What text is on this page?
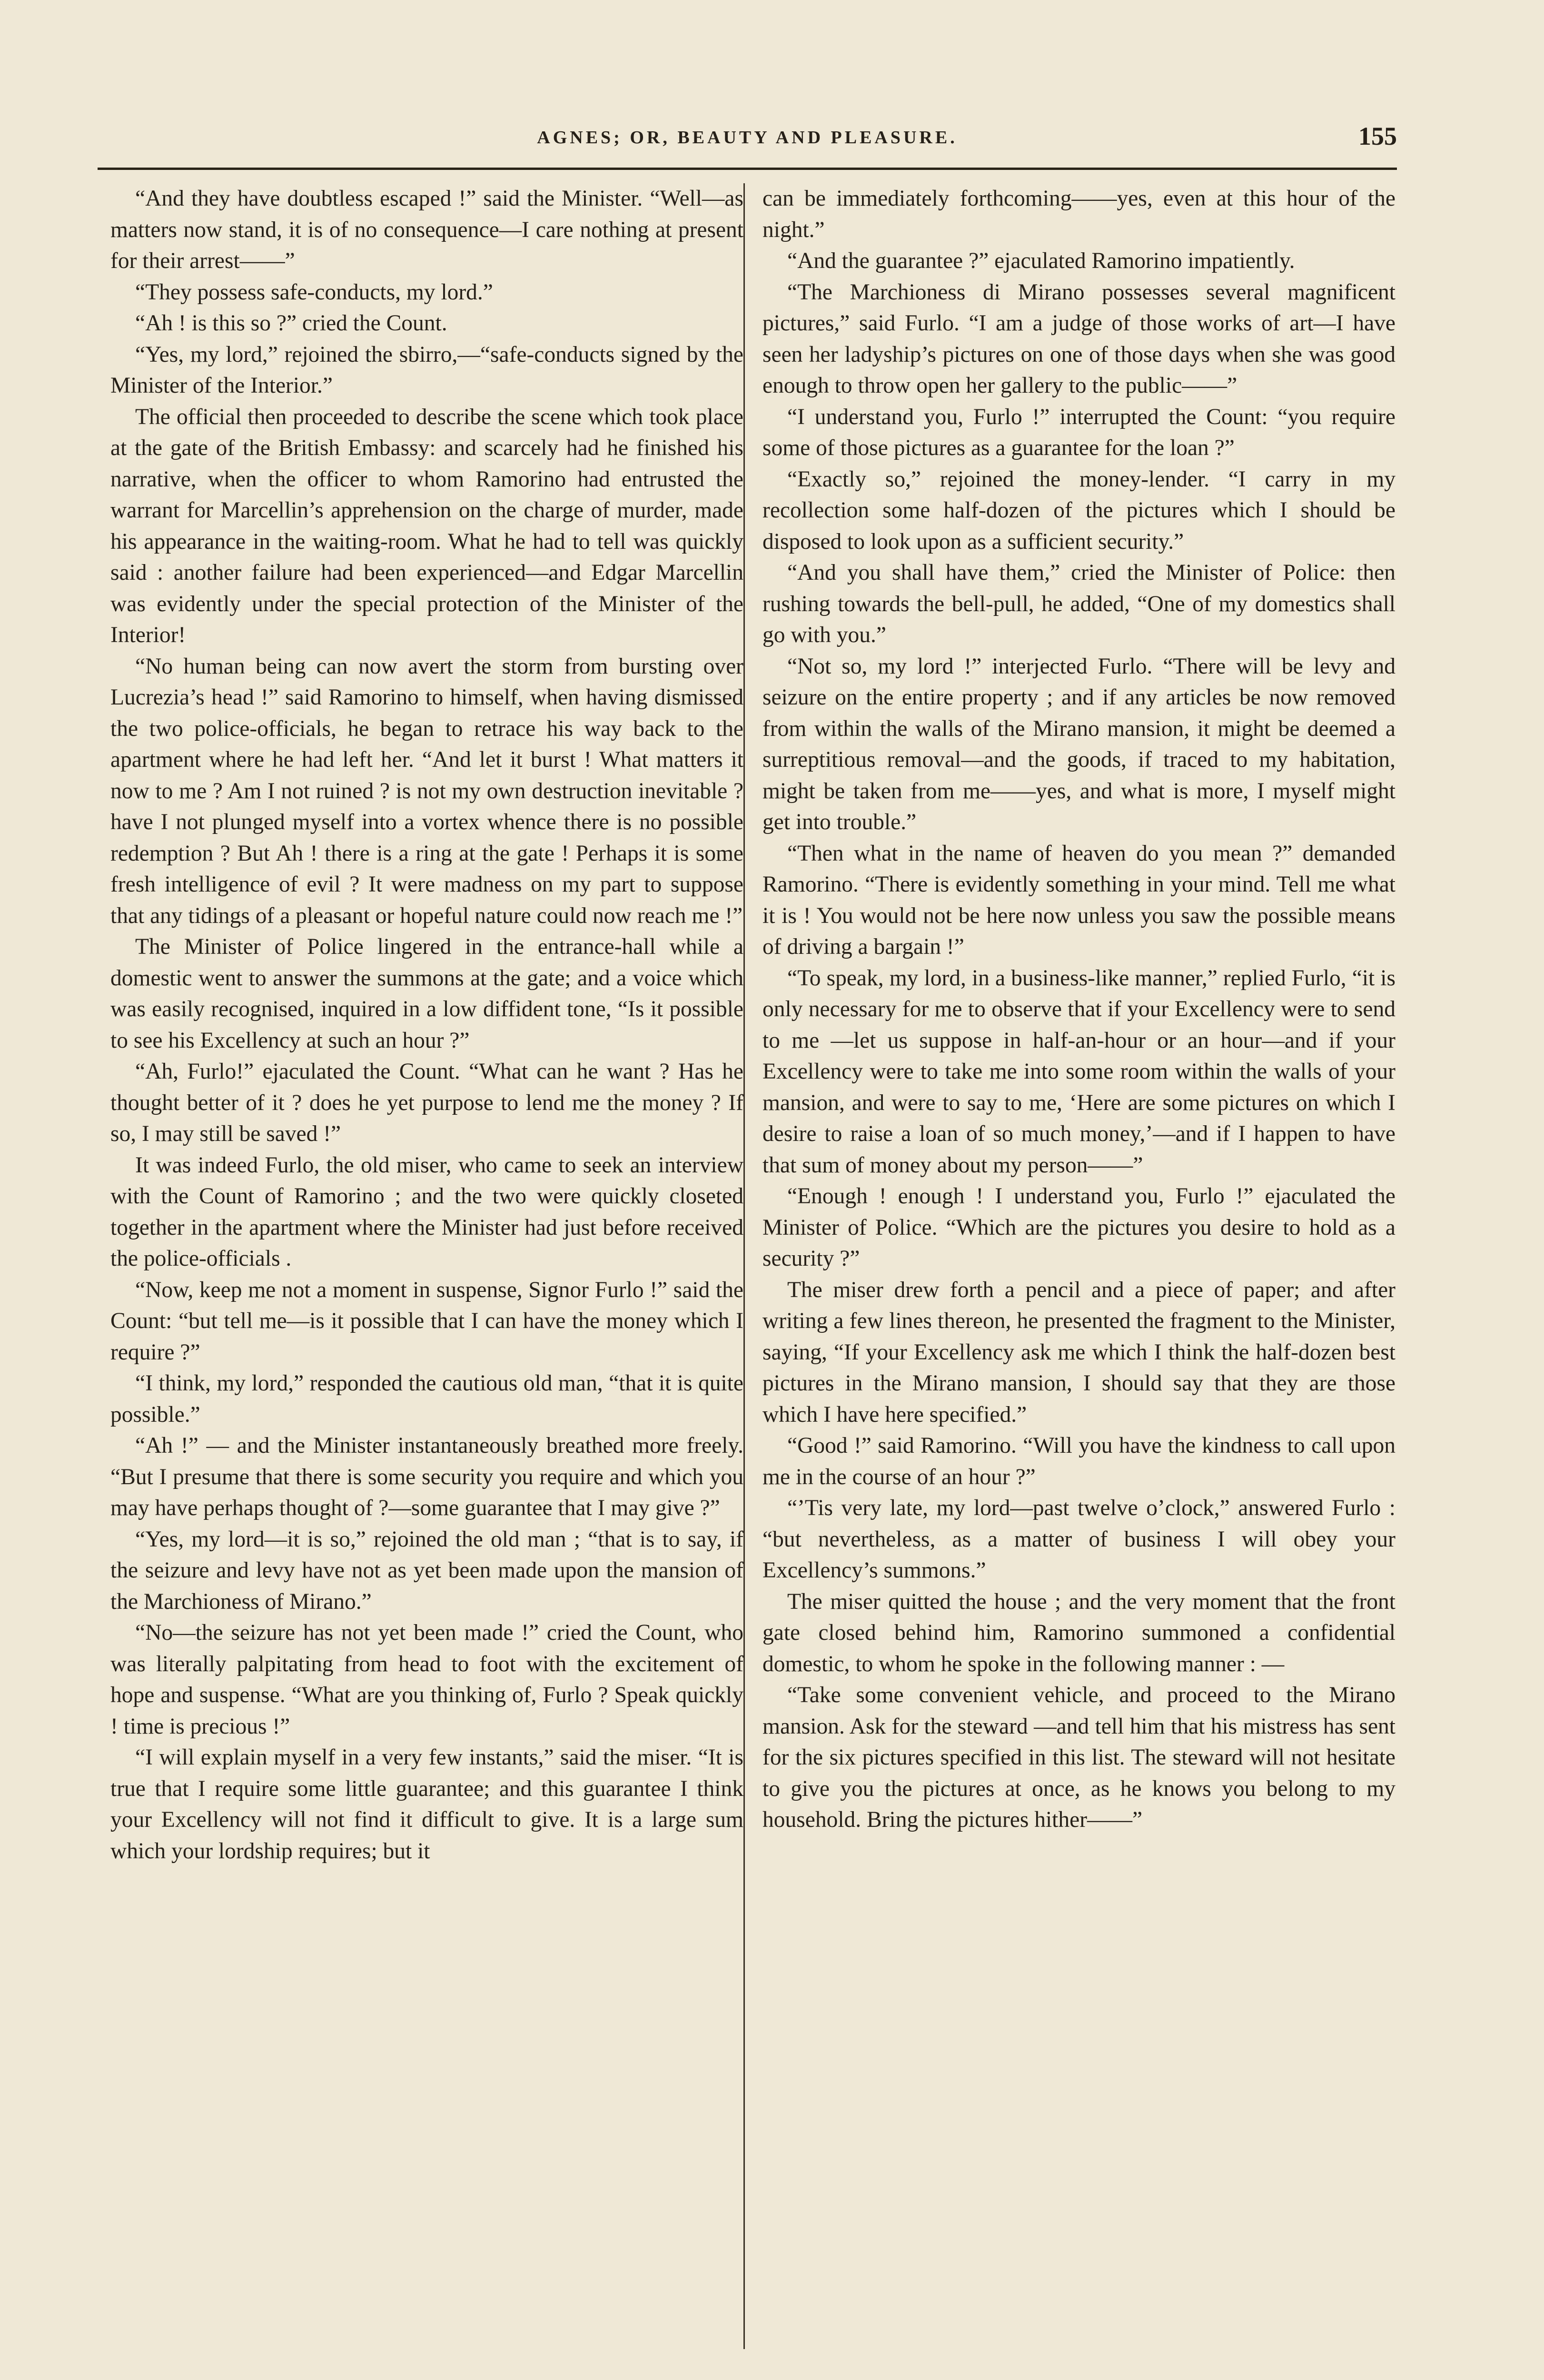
AGNES; OR, BEAUTY AND PLEASURE.	155

“And they have doubtless escaped !” said the Minister. “Well—as matters now stand, it is of no consequence—I care nothing at present for their arrest——”

“They possess safe-conducts, my lord.”

“Ah ! is this so ?” cried the Count.

“Yes, my lord,” rejoined the sbirro,—“safe-conducts signed by the Minister of the Interior.”

The official then proceeded to describe the scene which took place at the gate of the British Embassy: and scarcely had he finished his narrative, when the officer to whom Ramorino had entrusted the warrant for Marcellin’s apprehension on the charge of murder, made his appearance in the waiting-room. What he had to tell was quickly said : another failure had been experienced—and Edgar Marcellin was evidently under the special protection of the Minister of the Interior!

“No human being can now avert the storm from bursting over Lucrezia’s head !” said Ramorino to himself, when having dismissed the two police-officials, he began to retrace his way back to the apartment where he had left her. “And let it burst ! What matters it now to me ? Am I not ruined ? is not my own destruction inevitable ? have I not plunged myself into a vortex whence there is no possible redemption ? But Ah ! there is a ring at the gate ! Perhaps it is some fresh intelligence of evil ? It were madness on my part to suppose that any tidings of a pleasant or hopeful nature could now reach me !”

The Minister of Police lingered in the entrance-hall while a domestic went to answer the summons at the gate; and a voice which was easily recognised, inquired in a low diffident tone, “Is it possible to see his Excellency at such an hour ?”

“Ah, Furlo!” ejaculated the Count. “What can he want ? Has he thought better of it ? does he yet purpose to lend me the money ? If so, I may still be saved !”

It was indeed Furlo, the old miser, who came to seek an interview with the Count of Ramorino ; and the two were quickly closeted together in the apartment where the Minister had just before received the police-officials .

“Now, keep me not a moment in suspense, Signor Furlo !” said the Count: “but tell me—is it possible that I can have the money which I require ?”

“I think, my lord,” responded the cautious old man, “that it is quite possible.”

“Ah !” — and the Minister instantaneously breathed more freely. “But I presume that there is some security you require and which you may have perhaps thought of ?—some guarantee that I may give ?”

“Yes, my lord—it is so,” rejoined the old man ; “that is to say, if the seizure and levy have not as yet been made upon the mansion of the Marchioness of Mirano.”

“No—the seizure has not yet been made !” cried the Count, who was literally palpitating from head to foot with the excitement of hope and suspense. “What are you thinking of, Furlo ? Speak quickly ! time is precious !”

“I will explain myself in a very few instants,” said the miser. “It is true that I require some little guarantee; and this guarantee I think your Excellency will not find it difficult to give. It is a large sum which your lordship requires; but it

can be immediately forthcoming——yes, even at this hour of the night.”

“And the guarantee ?” ejaculated Ramorino impatiently.

“The Marchioness di Mirano possesses several magnificent pictures,” said Furlo. “I am a judge of those works of art—I have seen her ladyship’s pictures on one of those days when she was good enough to throw open her gallery to the public——”

“I understand you, Furlo !” interrupted the Count: “you require some of those pictures as a guarantee for the loan ?”

“Exactly so,” rejoined the money-lender. “I carry in my recollection some half-dozen of the pictures which I should be disposed to look upon as a sufficient security.”

“And you shall have them,” cried the Minister of Police: then rushing towards the bell-pull, he added, “One of my domestics shall go with you.”

“Not so, my lord !” interjected Furlo. “There will be levy and seizure on the entire property ; and if any articles be now removed from within the walls of the Mirano mansion, it might be deemed a surreptitious removal—and the goods, if traced to my habitation, might be taken from me——yes, and what is more, I myself might get into trouble.”

“Then what in the name of heaven do you mean ?” demanded Ramorino. “There is evidently something in your mind. Tell me what it is ! You would not be here now unless you saw the possible means of driving a bargain !”

“To speak, my lord, in a business-like manner,” replied Furlo, “it is only necessary for me to observe that if your Excellency were to send to me —let us suppose in half-an-hour or an hour—and if your Excellency were to take me into some room within the walls of your mansion, and were to say to me, ‘Here are some pictures on which I desire to raise a loan of so much money,’—and if I happen to have that sum of money about my person——”

“Enough ! enough ! I understand you, Furlo !” ejaculated the Minister of Police. “Which are the pictures you desire to hold as a security ?”

The miser drew forth a pencil and a piece of paper; and after writing a few lines thereon, he presented the fragment to the Minister, saying, “If your Excellency ask me which I think the half-dozen best pictures in the Mirano mansion, I should say that they are those which I have here specified.”

“Good !” said Ramorino. “Will you have the kindness to call upon me in the course of an hour ?”

“’Tis very late, my lord—past twelve o’clock,” answered Furlo : “but nevertheless, as a matter of business I will obey your Excellency’s summons.”

The miser quitted the house ; and the very moment that the front gate closed behind him, Ramorino summoned a confidential domestic, to whom he spoke in the following manner : —

“Take some convenient vehicle, and proceed to the Mirano mansion. Ask for the steward —and tell him that his mistress has sent for the six pictures specified in this list. The steward will not hesitate to give you the pictures at once, as he knows you belong to my household. Bring the pictures hither——”
